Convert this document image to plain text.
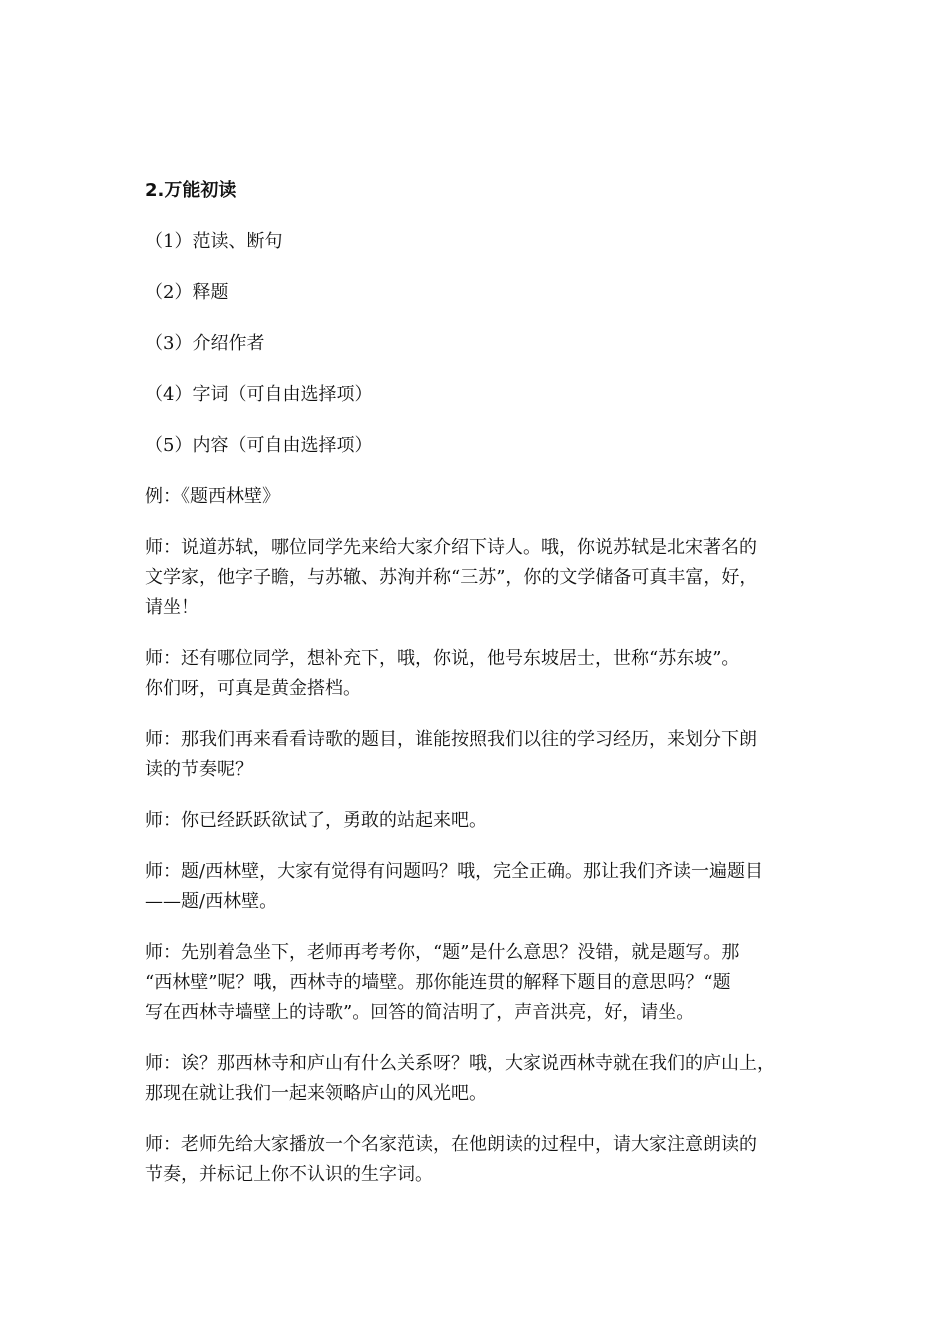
2.万能初读
（1）范读、断句
（2）释题
（3）介绍作者
（4）字词（可自由选择项）
（5）内容（可自由选择项）
例：《题西林壁》
师：说道苏轼，哪位同学先来给大家介绍下诗人。哦，你说苏轼是北宋著名的
文学家，他字子瞻，与苏辙、苏洵并称“三苏”，你的文学储备可真丰富，好，
请坐！
师：还有哪位同学，想补充下，哦，你说，他号东坡居士，世称“苏东坡”。
你们呀，可真是黄金搭档。
师：那我们再来看看诗歌的题目，谁能按照我们以往的学习经历，来划分下朗
读的节奏呢？
师：你已经跃跃欲试了，勇敢的站起来吧。
师：题/西林壁，大家有觉得有问题吗？哦，完全正确。那让我们齐读一遍题目
——题/西林壁。
师：先别着急坐下，老师再考考你，“题”是什么意思？没错，就是题写。那
“西林壁”呢？哦，西林寺的墙壁。那你能连贯的解释下题目的意思吗？“题
写在西林寺墙壁上的诗歌”。回答的简洁明了，声音洪亮，好，请坐。
师：诶？那西林寺和庐山有什么关系呀？哦，大家说西林寺就在我们的庐山上，
那现在就让我们一起来领略庐山的风光吧。
师：老师先给大家播放一个名家范读，在他朗读的过程中，请大家注意朗读的
节奏，并标记上你不认识的生字词。
